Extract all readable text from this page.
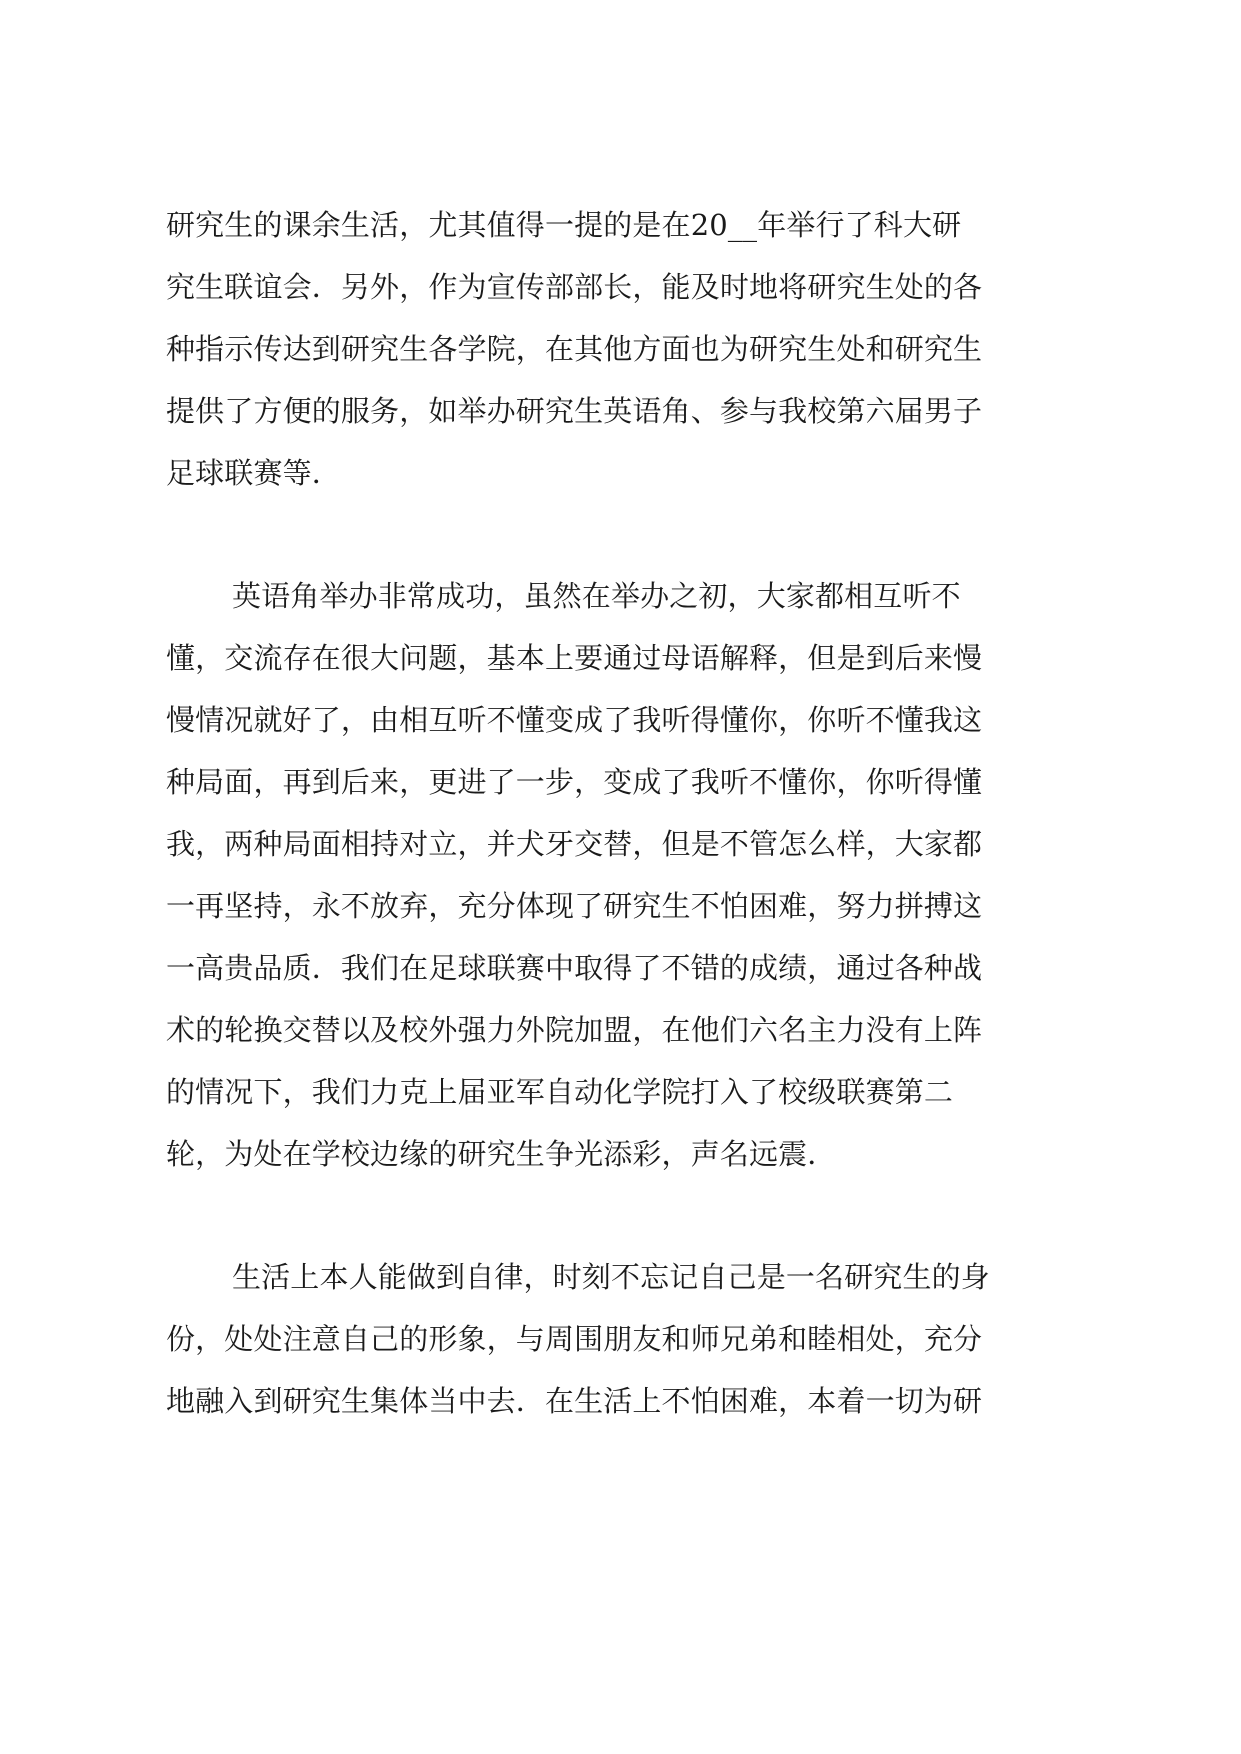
研究生的课余生活，尤其值得一提的是在20__年举行了科大研
究生联谊会．另外，作为宣传部部长，能及时地将研究生处的各
种指示传达到研究生各学院，在其他方面也为研究生处和研究生
提供了方便的服务，如举办研究生英语角、参与我校第六届男子
足球联赛等．
英语角举办非常成功，虽然在举办之初，大家都相互听不
懂，交流存在很大问题，基本上要通过母语解释，但是到后来慢
慢情况就好了，由相互听不懂变成了我听得懂你，你听不懂我这
种局面，再到后来，更进了一步，变成了我听不懂你，你听得懂
我，两种局面相持对立，并犬牙交替，但是不管怎么样，大家都
一再坚持，永不放弃，充分体现了研究生不怕困难，努力拼搏这
一高贵品质．我们在足球联赛中取得了不错的成绩，通过各种战
术的轮换交替以及校外强力外院加盟，在他们六名主力没有上阵
的情况下，我们力克上届亚军自动化学院打入了校级联赛第二
轮，为处在学校边缘的研究生争光添彩，声名远震．
生活上本人能做到自律，时刻不忘记自己是一名研究生的身
份，处处注意自己的形象，与周围朋友和师兄弟和睦相处，充分
地融入到研究生集体当中去．在生活上不怕困难，本着一切为研
